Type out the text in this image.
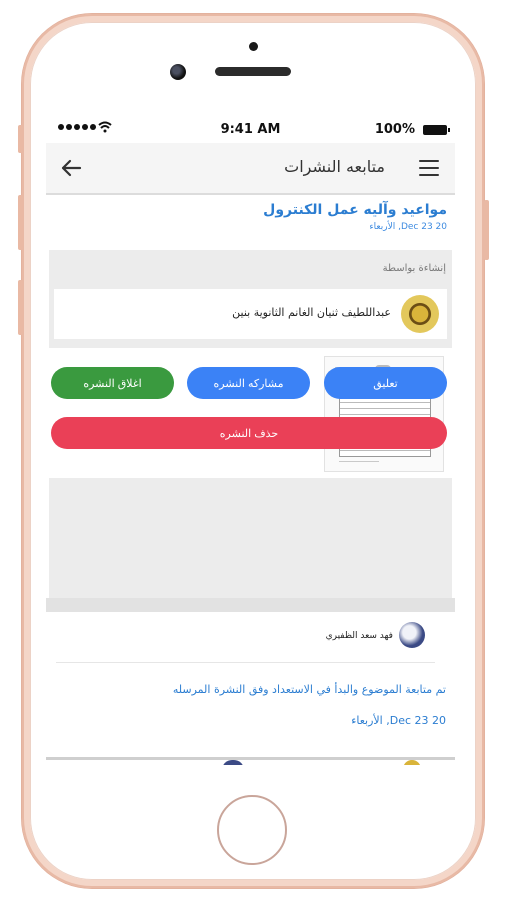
9:41 AM	100%
متابعه النشرات
مواعيد وآليه عمل الكنترول
Dec 23 20, الأربعاء
إنشاءة بواسطة
عبداللطيف ثنيان الغانم الثانوية بنين
تعليق
مشاركه النشره
اغلاق النشره
حذف النشره
فهد سعد الظفيري
تم متابعة الموضوع والبدأ في الاستعداد وفق النشرة المرسله
Dec 23 20, الأربعاء
